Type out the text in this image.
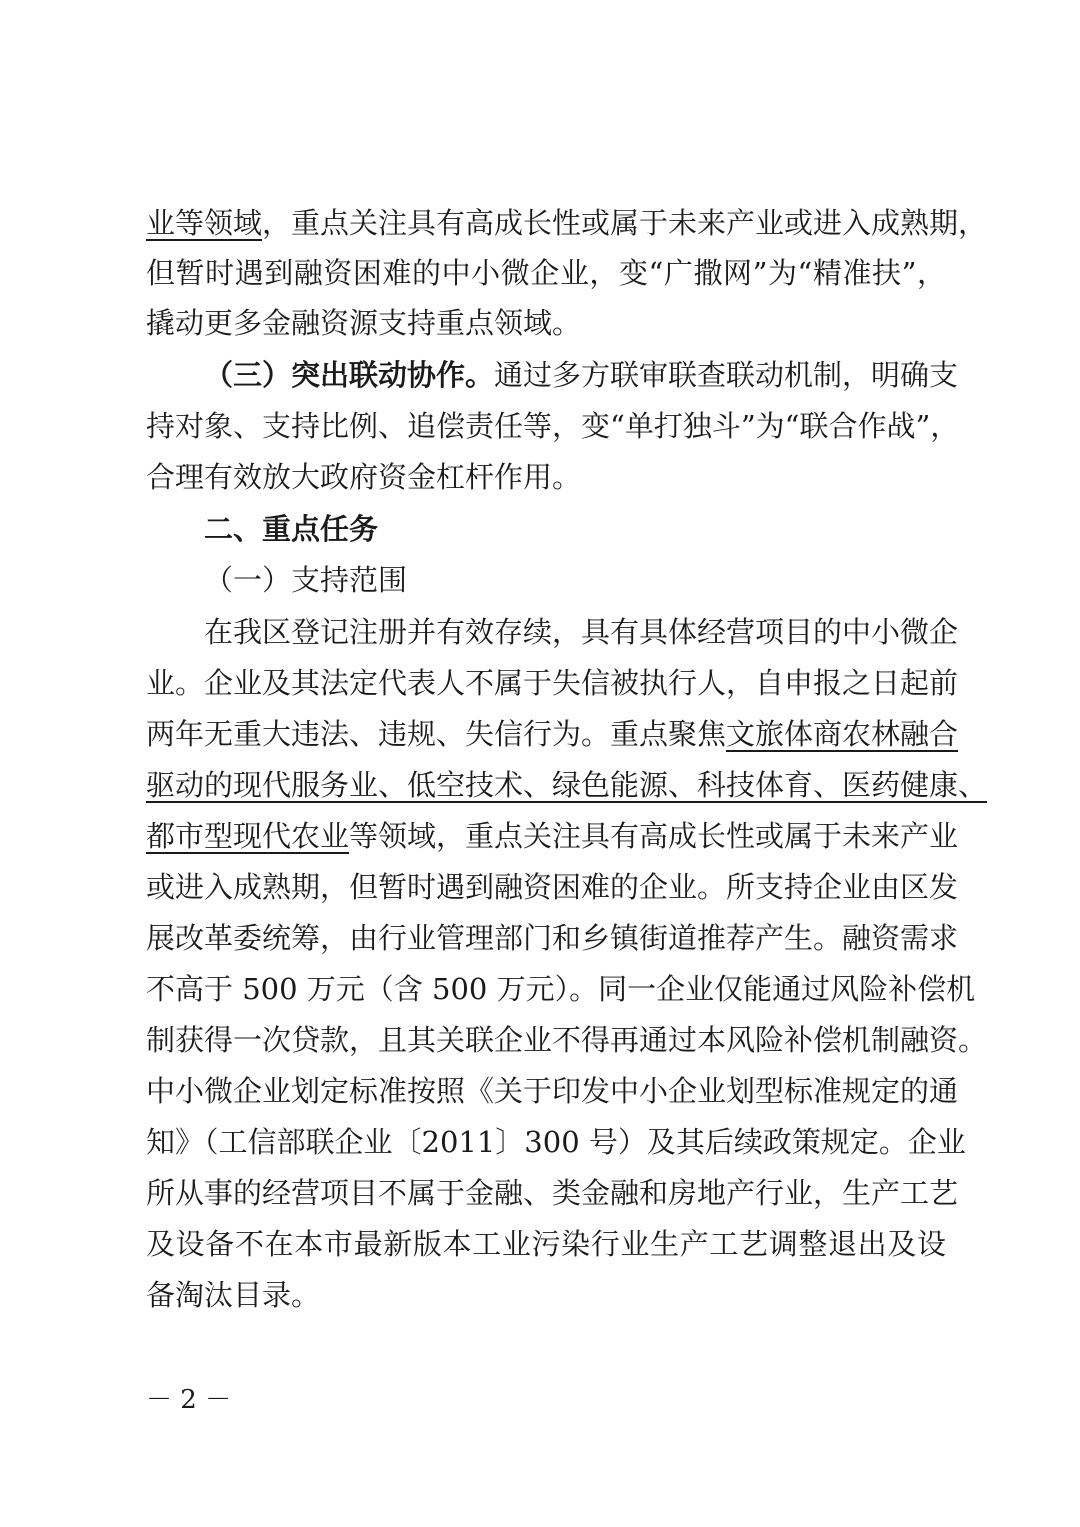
业等领域，重点关注具有高成长性或属于未来产业或进入成熟期，
但暂时遇到融资困难的中小微企业，变“广撒网”为“精准扶”，
撬动更多金融资源支持重点领域。
（三）突出联动协作。通过多方联审联查联动机制，明确支
持对象、支持比例、追偿责任等，变“单打独斗”为“联合作战”，
合理有效放大政府资金杠杆作用。
二、重点任务
（一）支持范围
在我区登记注册并有效存续，具有具体经营项目的中小微企
业。企业及其法定代表人不属于失信被执行人，自申报之日起前
两年无重大违法、违规、失信行为。重点聚焦文旅体商农林融合
驱动的现代服务业、低空技术、绿色能源、科技体育、医药健康、
都市型现代农业等领域，重点关注具有高成长性或属于未来产业
或进入成熟期，但暂时遇到融资困难的企业。所支持企业由区发
展改革委统筹，由行业管理部门和乡镇街道推荐产生。融资需求
不高于 500 万元（含 500 万元）。同一企业仅能通过风险补偿机
制获得一次贷款，且其关联企业不得再通过本风险补偿机制融资。
中小微企业划定标准按照《关于印发中小企业划型标准规定的通
知》（工信部联企业〔2011〕300 号）及其后续政策规定。企业
所从事的经营项目不属于金融、类金融和房地产行业，生产工艺
及设备不在本市最新版本工业污染行业生产工艺调整退出及设
备淘汰目录。
－ 2 －
